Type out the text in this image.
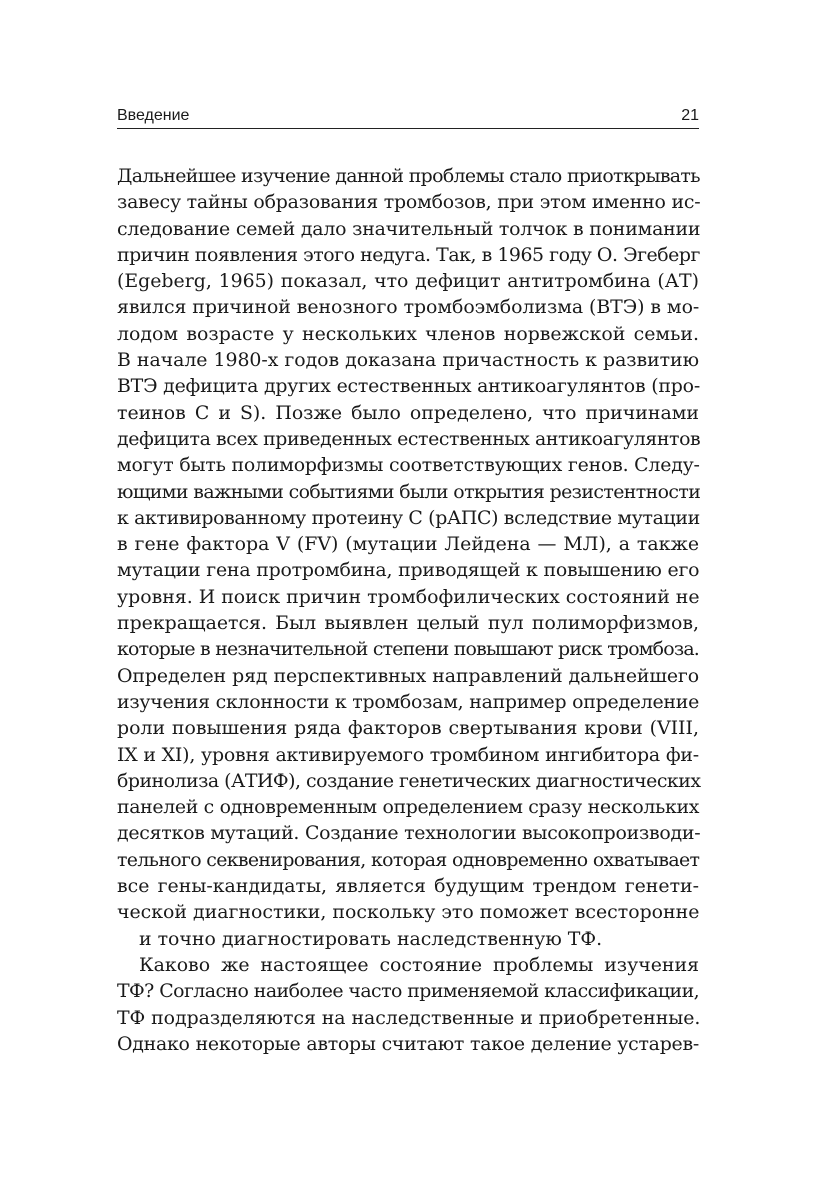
Введение	21
Дальнейшее изучение данной проблемы стало приоткрывать
завесу тайны образования тромбозов, при этом именно ис-
следование семей дало значительный толчок в понимании
причин появления этого недуга. Так, в 1965 году О. Эгеберг
(Egeberg, 1965) показал, что дефицит антитромбина (АТ)
явился причиной венозного тромбоэмболизма (ВТЭ) в мо-
лодом возрасте у нескольких членов норвежской семьи.
В начале 1980-х годов доказана причастность к развитию
ВТЭ дефицита других естественных антикоагулянтов (про-
теинов C и S). Позже было определено, что причинами
дефицита всех приведенных естественных антикоагулянтов
могут быть полиморфизмы соответствующих генов. Следу-
ющими важными событиями были открытия резистентности
к активированному протеину С (рАПС) вследствие мутации
в гене фактора V (FV) (мутации Лейдена — МЛ), а также
мутации гена протромбина, приводящей к повышению его
уровня. И поиск причин тромбофилических состояний не
прекращается. Был выявлен целый пул полиморфизмов,
которые в незначительной степени повышают риск тромбоза.
Определен ряд перспективных направлений дальнейшего
изучения склонности к тромбозам, например определение
роли повышения ряда факторов свертывания крови (VIII,
IX и XI), уровня активируемого тромбином ингибитора фи-
бринолиза (АТИФ), создание генетических диагностических
панелей с одновременным определением сразу нескольких
десятков мутаций. Создание технологии высокопроизводи-
тельного секвенирования, которая одновременно охватывает
все гены-кандидаты, является будущим трендом генети-
ческой диагностики, поскольку это поможет всесторонне
и точно диагностировать наследственную ТФ.
Каково же настоящее состояние проблемы изучения
ТФ? Согласно наиболее часто применяемой классификации,
ТФ подразделяются на наследственные и приобретенные.
Однако некоторые авторы считают такое деление устарев-
